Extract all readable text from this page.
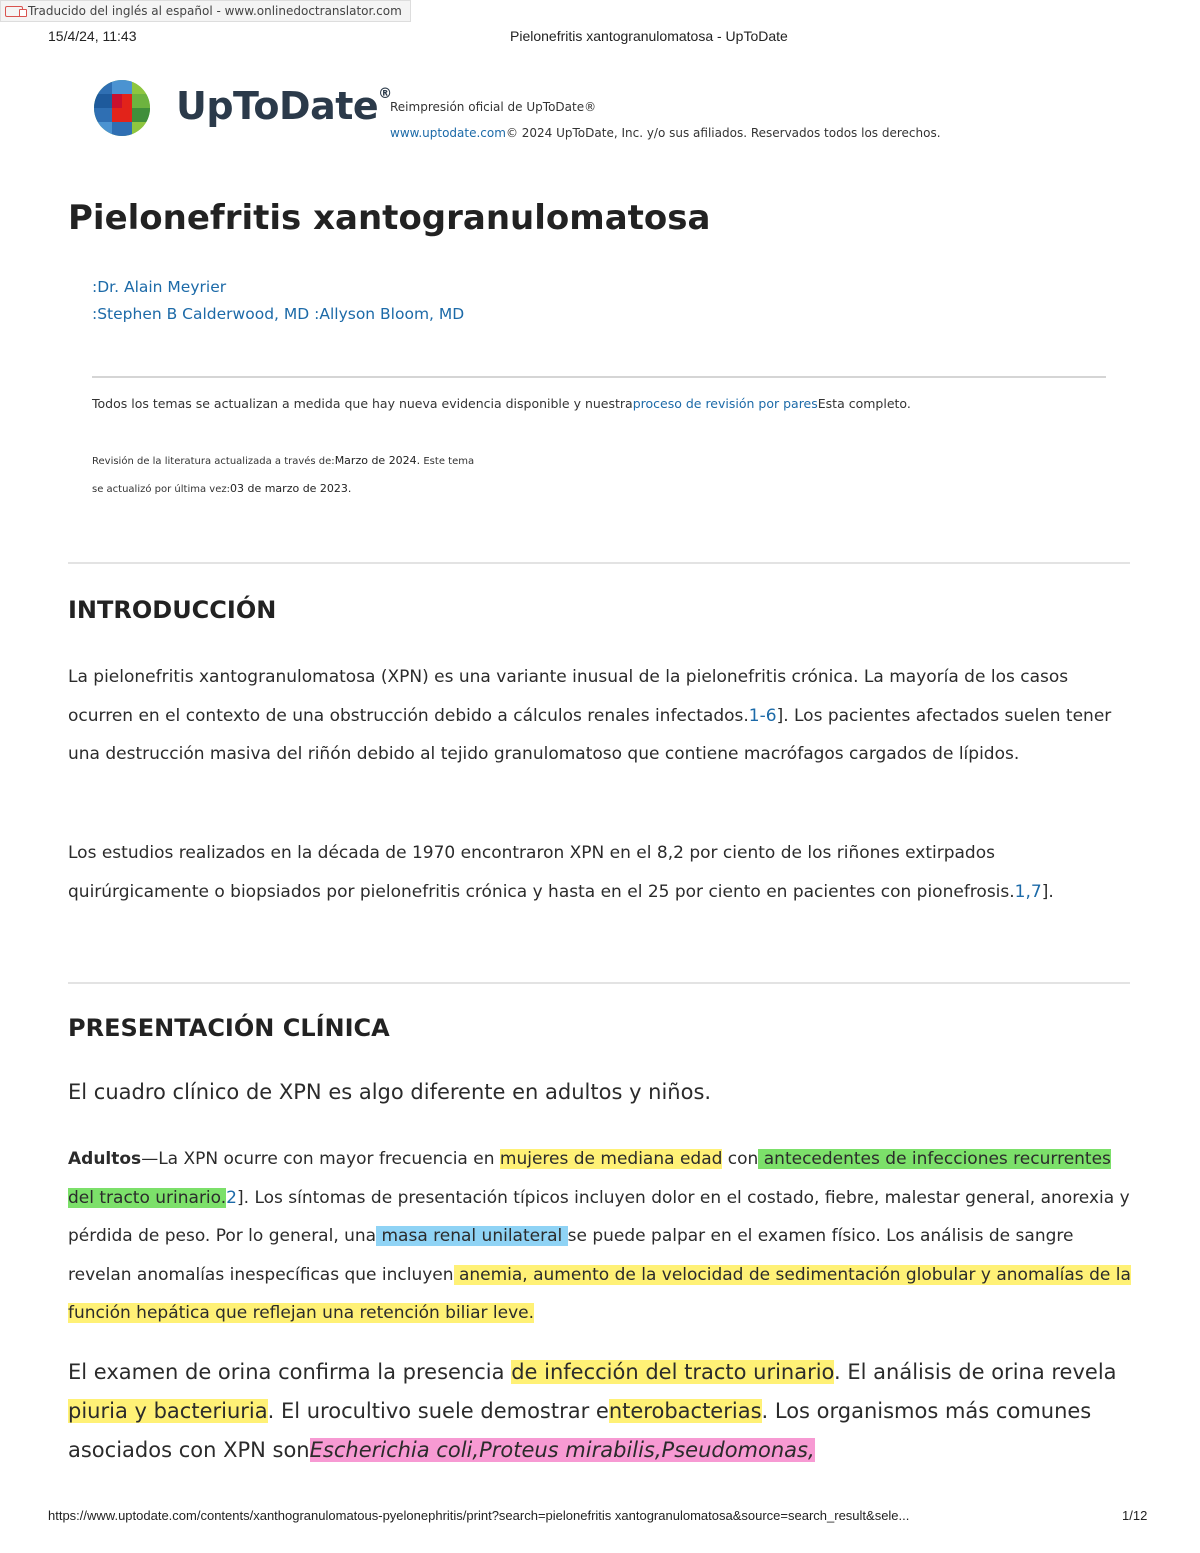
Traducido del inglés al español - www.onlinedoctranslator.com
15/4/24, 11:43	Pielonefritis xantogranulomatosa - UpToDate
UpToDate®
Reimpresión oficial de UpToDate®
www.uptodate.com© 2024 UpToDate, Inc. y/o sus afiliados. Reservados todos los derechos.
Pielonefritis xantogranulomatosa
:Dr. Alain Meyrier
:Stephen B Calderwood, MD :Allyson Bloom, MD
Todos los temas se actualizan a medida que hay nueva evidencia disponible y nuestraproceso de revisión por paresEsta completo.
Revisión de la literatura actualizada a través de:Marzo de 2024. Este tema
se actualizó por última vez:03 de marzo de 2023.
INTRODUCCIÓN

La pielonefritis xantogranulomatosa (XPN) es una variante inusual de la pielonefritis crónica. La mayoría de los casos ocurren en el contexto de una obstrucción debido a cálculos renales infectados.1-6]. Los pacientes afectados suelen tener una destrucción masiva del riñón debido al tejido granulomatoso que contiene macrófagos cargados de lípidos.

Los estudios realizados en la década de 1970 encontraron XPN en el 8,2 por ciento de los riñones extirpados quirúrgicamente o biopsiados por pielonefritis crónica y hasta en el 25 por ciento en pacientes con pionefrosis.1,7].

PRESENTACIÓN CLÍNICA

El cuadro clínico de XPN es algo diferente en adultos y niños.

Adultos—La XPN ocurre con mayor frecuencia en mujeres de mediana edad con antecedentes de infecciones recurrentes del tracto urinario.2]. Los síntomas de presentación típicos incluyen dolor en el costado, fiebre, malestar general, anorexia y pérdida de peso. Por lo general, una masa renal unilateral se puede palpar en el examen físico. Los análisis de sangre revelan anomalías inespecíficas que incluyen anemia, aumento de la velocidad de sedimentación globular y anomalías de la función hepática que reflejan una retención biliar leve.

El examen de orina confirma la presencia de infección del tracto urinario. El análisis de orina revela piuria y bacteriuria. El urocultivo suele demostrar enterobacterias. Los organismos más comunes asociados con XPN sonEscherichia coli,Proteus mirabilis,Pseudomonas,

https://www.uptodate.com/contents/xanthogranulomatous-pyelonephritis/print?search=pielonefritis xantogranulomatosa&source=search_result&sele...	1/12
